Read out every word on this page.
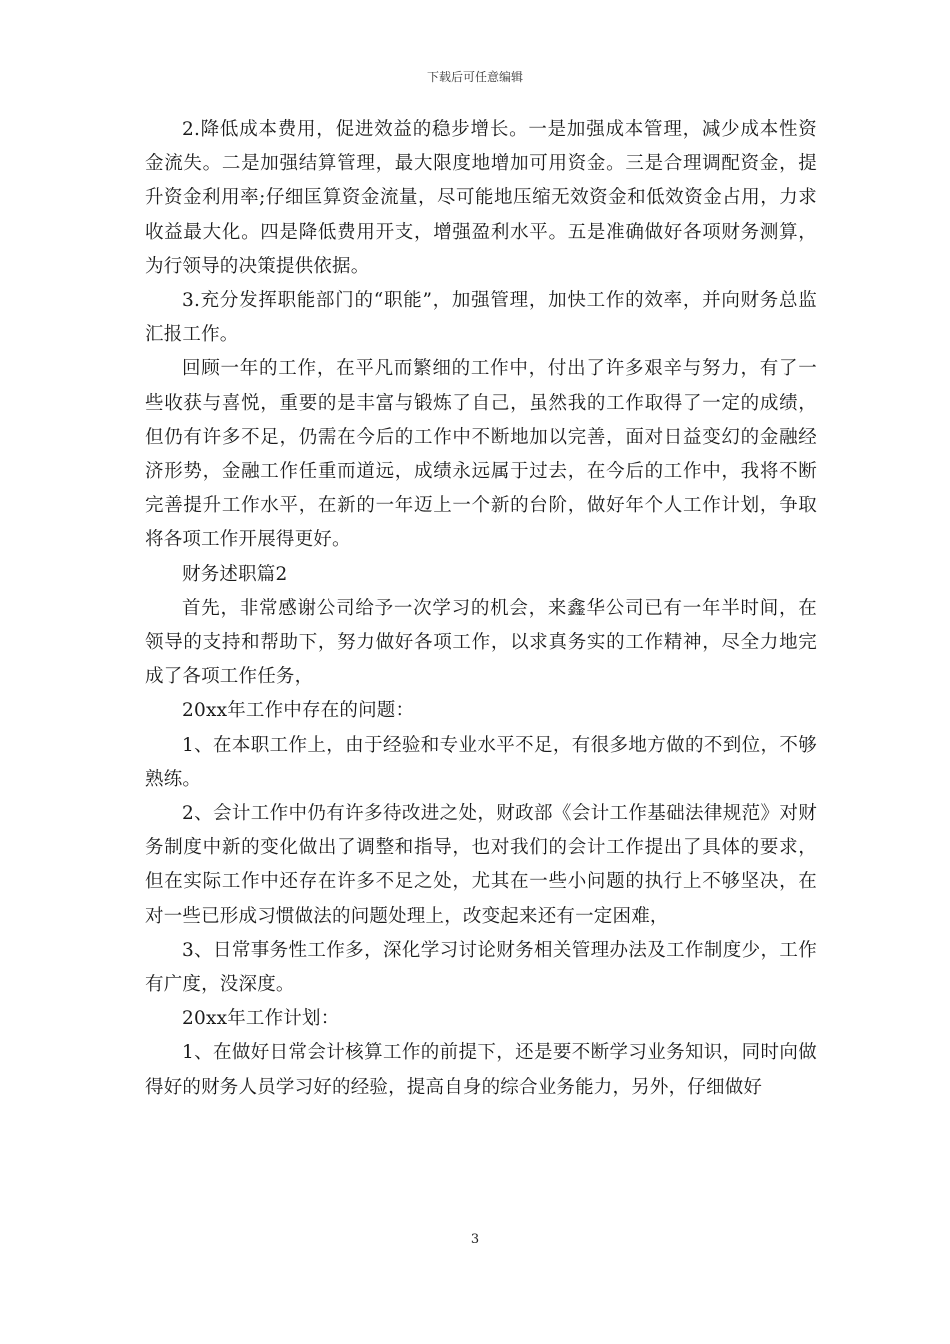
下载后可任意编辑

2.降低成本费用，促进效益的稳步增长。一是加强成本管理，减少成本性资金流失。二是加强结算管理，最大限度地增加可用资金。三是合理调配资金，提升资金利用率;仔细匡算资金流量，尽可能地压缩无效资金和低效资金占用，力求收益最大化。四是降低费用开支，增强盈利水平。五是准确做好各项财务测算，为行领导的决策提供依据。

3.充分发挥职能部门的“职能”，加强管理，加快工作的效率，并向财务总监汇报工作。

回顾一年的工作，在平凡而繁细的工作中，付出了许多艰辛与努力，有了一些收获与喜悦，重要的是丰富与锻炼了自己，虽然我的工作取得了一定的成绩，但仍有许多不足，仍需在今后的工作中不断地加以完善，面对日益变幻的金融经济形势，金融工作任重而道远，成绩永远属于过去，在今后的工作中，我将不断完善提升工作水平，在新的一年迈上一个新的台阶，做好年个人工作计划，争取将各项工作开展得更好。

财务述职篇2

首先，非常感谢公司给予一次学习的机会，来鑫华公司已有一年半时间，在领导的支持和帮助下，努力做好各项工作，以求真务实的工作精神，尽全力地完成了各项工作任务，

20xx年工作中存在的问题：

1、在本职工作上，由于经验和专业水平不足，有很多地方做的不到位，不够熟练。

2、会计工作中仍有许多待改进之处，财政部《会计工作基础法律规范》对财务制度中新的变化做出了调整和指导，也对我们的会计工作提出了具体的要求，但在实际工作中还存在许多不足之处，尤其在一些小问题的执行上不够坚决，在对一些已形成习惯做法的问题处理上，改变起来还有一定困难，

3、日常事务性工作多，深化学习讨论财务相关管理办法及工作制度少，工作有广度，没深度。

20xx年工作计划：

1、在做好日常会计核算工作的前提下，还是要不断学习业务知识，同时向做得好的财务人员学习好的经验，提高自身的综合业务能力，另外，仔细做好

3
